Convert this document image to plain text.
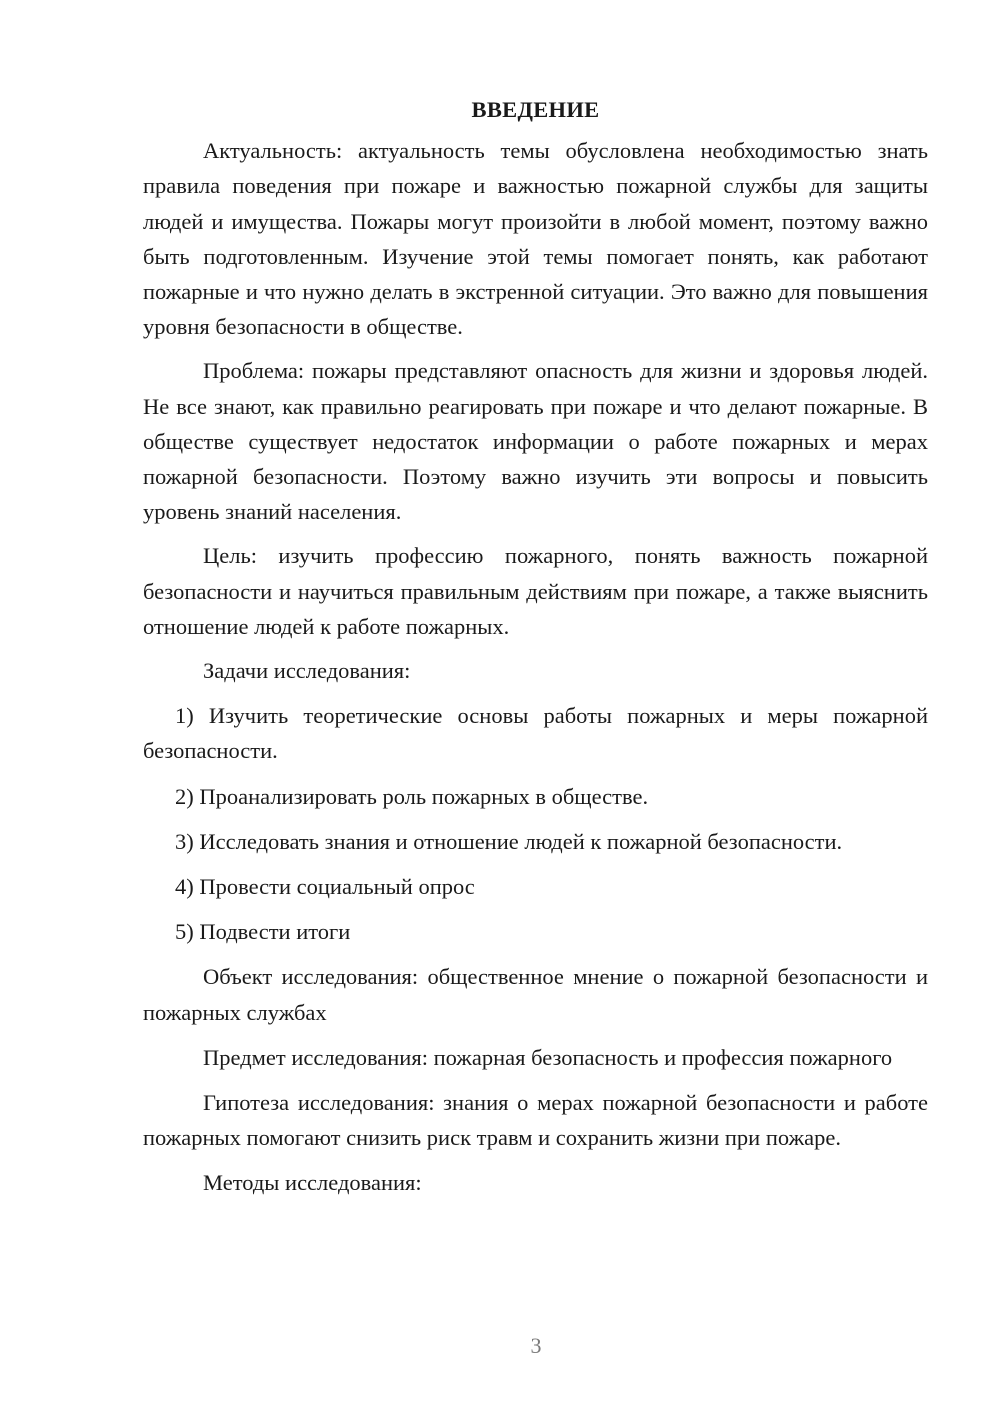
ВВЕДЕНИЕ

Актуальность: актуальность темы обусловлена необходимостью знать правила поведения при пожаре и важностью пожарной службы для защиты людей и имущества. Пожары могут произойти в любой момент, поэтому важно быть подготовленным. Изучение этой темы помогает понять, как работают пожарные и что нужно делать в экстренной ситуации. Это важно для повышения уровня безопасности в обществе.

Проблема: пожары представляют опасность для жизни и здоровья людей. Не все знают, как правильно реагировать при пожаре и что делают пожарные. В обществе существует недостаток информации о работе пожарных и мерах пожарной безопасности. Поэтому важно изучить эти вопросы и повысить уровень знаний населения.

Цель: изучить профессию пожарного, понять важность пожарной безопасности и научиться правильным действиям при пожаре, а также выяснить отношение людей к работе пожарных.

Задачи исследования:

1) Изучить теоретические основы работы пожарных и меры пожарной безопасности.

2) Проанализировать роль пожарных в обществе.

3) Исследовать знания и отношение людей к пожарной безопасности.

4) Провести социальный опрос

5) Подвести итоги

Объект исследования: общественное мнение о пожарной безопасности и пожарных службах

Предмет исследования: пожарная безопасность и профессия пожарного

Гипотеза исследования: знания о мерах пожарной безопасности и работе пожарных помогают снизить риск травм и сохранить жизни при пожаре.

Методы исследования:

3
